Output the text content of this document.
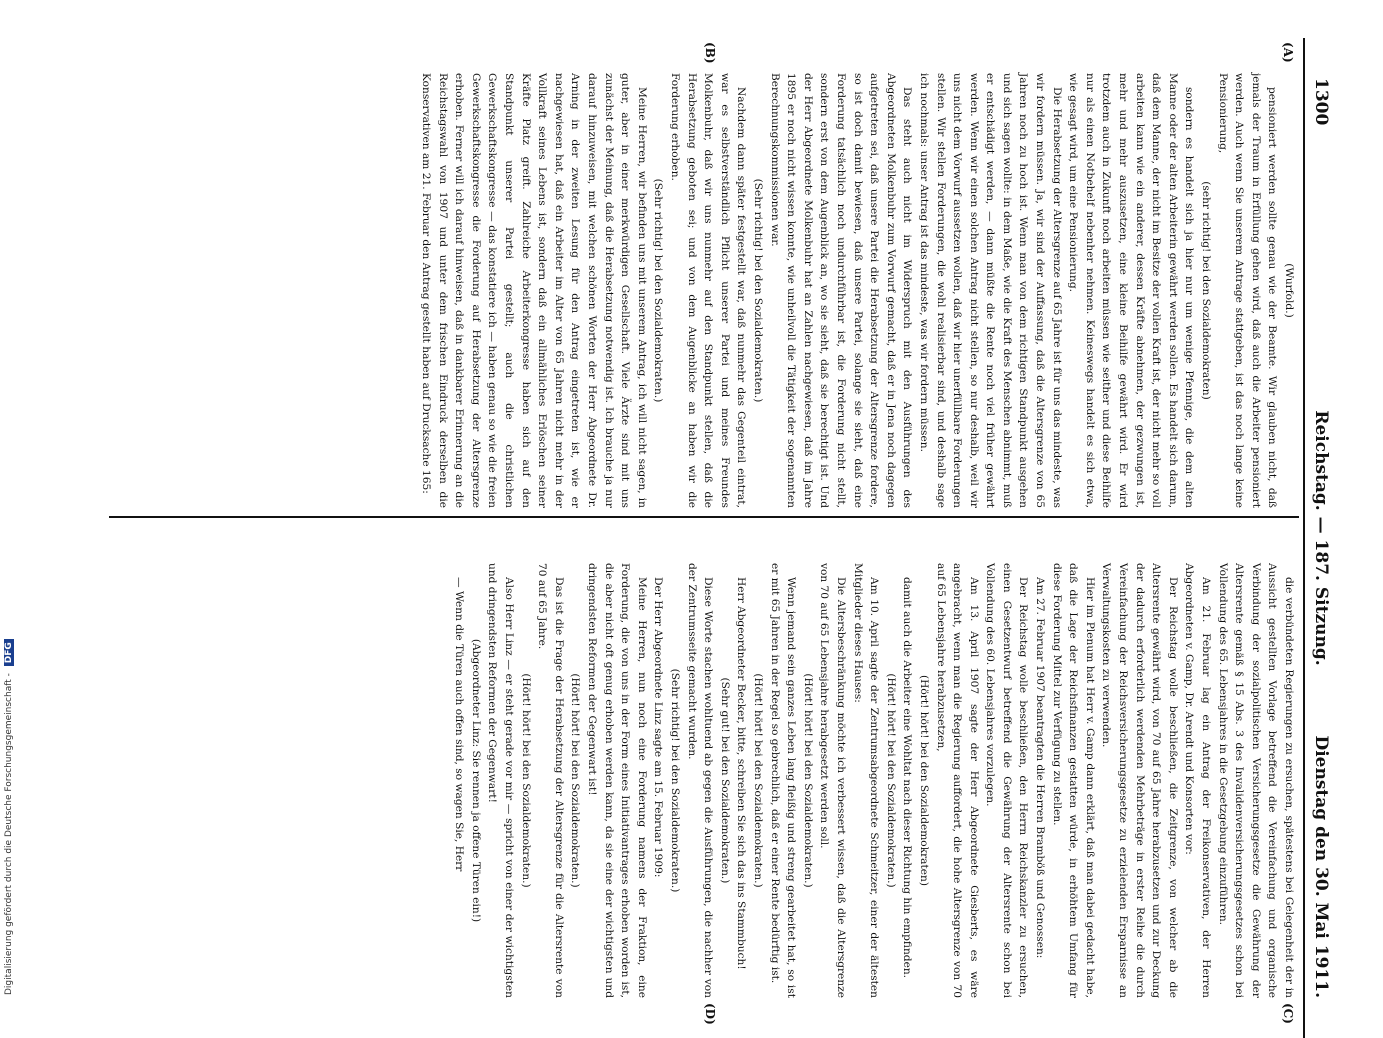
1300
Reichstag. — 187. Sitzung.
Dienstag den 30. Mai 1911.
(A)
(B)
(C)
(D)

(Wurfold.)

pensioniert werden sollte genau wie der Beamte. Wir glauben nicht, daß jemals der Traum in Erfüllung gehen wird, daß auch die Arbeiter pensioniert werden. Auch wenn Sie unserem Antrage stattgeben, ist das noch lange keine Pensionierung,

(sehr richtig! bei den Sozialdemokraten)

sondern es handelt sich ja hier nur um wenige Pfennige, die dem alten Manne oder der alten Arbeiterin gewährt werden sollen. Es handelt sich darum, daß dem Manne, der nicht im Besitze der vollen Kraft ist, der nicht mehr so voll arbeiten kann wie ein anderer, dessen Kräfte abnehmen, der gezwungen ist, mehr und mehr auszusetzen, eine kleine Beihilfe gewährt wird. Er wird trotzdem auch in Zukunft noch arbeiten müssen wie seither und diese Beihilfe nur als einen Notbehelf nebenher nehmen. Keineswegs handelt es sich etwa, wie gesagt wird, um eine Pensionierung.

Die Herabsetzung der Altersgrenze auf 65 Jahre ist für uns das mindeste, was wir fordern müssen. Ja, wir sind der Auffassung, daß die Altersgrenze von 65 Jahren noch zu hoch ist. Wenn man von dem richtigen Standpunkt ausgehen und sich sagen wollte: in dem Maße, wie die Kraft des Menschen abnimmt, muß er entschädigt werden, — dann müßte die Rente noch viel früher gewährt werden. Wenn wir einen solchen Antrag nicht stellen, so nur deshalb, weil wir uns nicht dem Vorwurf aussetzen wollen, daß wir hier unerfüllbare Forderungen stellen. Wir stellen Forderungen, die wohl realisierbar sind, und deshalb sage ich nochmals: unser Antrag ist das mindeste, was wir fordern müssen.

Das steht auch nicht im Widerspruch mit den Ausführungen des Abgeordneten Molkenbuhr zum Vorwurf gemacht, daß er in Jena noch dagegen aufgetreten sei, daß unsere Partei die Herabsetzung der Altersgrenze fordere, so ist doch damit bewiesen, daß unsere Partei, solange sie sieht, daß eine Forderung tatsächlich noch undurchführbar ist, die Forderung nicht stellt, sondern erst von dem Augenblick an, wo sie sieht, daß sie berechtigt ist. Und der Herr Abgeordnete Molkenbuhr hat an Zahlen nachgewiesen, daß im Jahre 1895 er noch nicht wissen konnte, wie unheilvoll die Tätigkeit der sogenannten Berechnungskommissionen war.

(Sehr richtig! bei den Sozialdemokraten.)

Nachdem dann später festgestellt war, daß nunmehr das Gegenteil eintrat, war es selbstverständlich Pflicht unserer Partei und meines Freundes Molkenbuhr, daß wir uns nunmehr auf den Standpunkt stellen, daß die Herabsetzung geboten sei; und von dem Augenblicke an haben wir die Forderung erhoben.

(Sehr richtig! bei den Sozialdemokraten.)

Meine Herren, wir befinden uns mit unserem Antrag, ich will nicht sagen, in guter, aber in einer merkwürdigen Gesellschaft. Viele Ärzte sind mit uns zunächst der Meinung, daß die Herabsetzung notwendig ist. Ich brauche ja nur darauf hinzuweisen, mit welchen schönen Worten der Herr Abgeordnete Dr. Arning in der zweiten Lesung für den Antrag eingetreten ist, wie er nachgewiesen hat, daß ein Arbeiter im Alter von 65 Jahren nicht mehr in der Vollkraft seines Lebens ist, sondern daß ein allmähliches Erlöschen seiner Kräfte Platz greift. Zahlreiche Arbeiterkongresse haben sich auf den Standpunkt unserer Partei gestellt; auch die christlichen Gewerkschaftskongresse — das konstatiere ich — haben genau so wie die freien Gewerkschaftskongresse die Forderung auf Herabsetzung der Altersgrenze erhoben. Ferner will ich darauf hinweisen, daß in dankbarer Erinnerung an die Reichstagswahl von 1907 und unter dem frischen Eindruck derselben die Konservativen am 21. Februar den Antrag gestellt haben auf Drucksache 165:

die verbündeten Regierungen zu ersuchen, spätestens bei Gelegenheit der in Aussicht gestellten Vorlage betreffend die Vereinfachung und organische Verbindung der sozialpolitischen Versicherungsgesetze die Gewährung der Altersrente gemäß § 15 Abs. 3 des Invalidenversicherungsgesetzes schon bei Vollendung des 65. Lebensjahres in die Gesetzgebung einzuführen.

Am 21. Februar lag ein Antrag der Freikonservativen, der Herren Abgeordneten v. Gamp, Dr. Arendt und Konsorten vor:

Der Reichstag wolle beschließen, die Zeitgrenze, von welcher ab die Altersrente gewährt wird, von 70 auf 65 Jahre herabzusetzen und zur Deckung der dadurch erforderlich werdenden Mehrbeträge in erster Reihe die durch Vereinfachung der Reichsversicherungsgesetze zu erzielenden Ersparnisse an Verwaltungskosten zu verwenden.

Hier im Plenum hat Herr v. Gamp dann erklärt, daß man dabei gedacht habe, daß die Lage der Reichsfinanzen gestatten würde, in erhöhtem Umfang für diese Forderung Mittel zur Verfügung zu stellen.

Am 27. Februar 1907 beantragten die Herren Bramböß und Genossen:

Der Reichstag wolle beschließen, den Herrn Reichskanzler zu ersuchen, einen Gesetzentwurf betreffend die Gewährung der Altersrente schon bei Vollendung des 60. Lebensjahres vorzulegen.

Am 13. April 1907 sagte der Herr Abgeordnete Giesberts, es wäre angebracht, wenn man die Regierung auffordert, die hohe Altersgrenze von 70 auf 65 Lebensjahre herabzusetzen,

(Hört! hört! bei den Sozialdemokraten)

damit auch die Arbeiter eine Wohltat nach dieser Richtung hin empfinden.

(Hört! hört! bei den Sozialdemokraten.)

Am 10. April sagte der Zentrumsabgeordnete Schmeitzer, einer der ältesten Mitglieder dieses Hauses:

Die Altersbeschränkung möchte ich verbessert wissen, daß die Altersgrenze von 70 auf 65 Lebensjahre herabgesetzt werden soll.

(Hört! hört! bei den Sozialdemokraten.)

Wenn jemand sein ganzes Leben lang fleißig und streng gearbeitet hat, so ist er mit 65 Jahren in der Regel so gebrechlich, daß er einer Rente bedürftig ist.

(Hört! hört! bei den Sozialdemokraten.)

Herr Abgeordneter Becker, bitte, schreiben Sie sich das ins Stammbuch!

(Sehr gut! bei den Sozialdemokraten.)

Diese Worte stachen wohltuend ab gegen die Ausführungen, die nachher von der Zentrumsseite gemacht wurden.

(Sehr richtig! bei den Sozialdemokraten.)

Der Herr Abgeordnete Linz sagte am 15. Februar 1909:

Meine Herren, nun noch eine Forderung namens der Fraktion, eine Forderung, die von uns in der Form eines Initiativantrages erhoben worden ist, die aber nicht oft genug erhoben werden kann, da sie eine der wichtigsten und dringendsten Reformen der Gegenwart ist!

(Hört! hört! bei den Sozialdemokraten.)

Das ist die Frage der Herabsetzung der Altersgrenze für die Altersrente von 70 auf 65 Jahre.

(Hört! hört! bei den Sozialdemokraten.)

Also Herr Linz — er steht gerade vor mir — spricht von einer der wichtigsten und dringendsten Reformen der Gegenwart!

(Abgeordneter Linz: Sie rennen ja offene Türen ein!)

— Wenn die Türen auch offen sind, so wagen Sie, Herr

Digitalisierung gefördert durch die Deutsche Forschungsgemeinschaft - DFG
